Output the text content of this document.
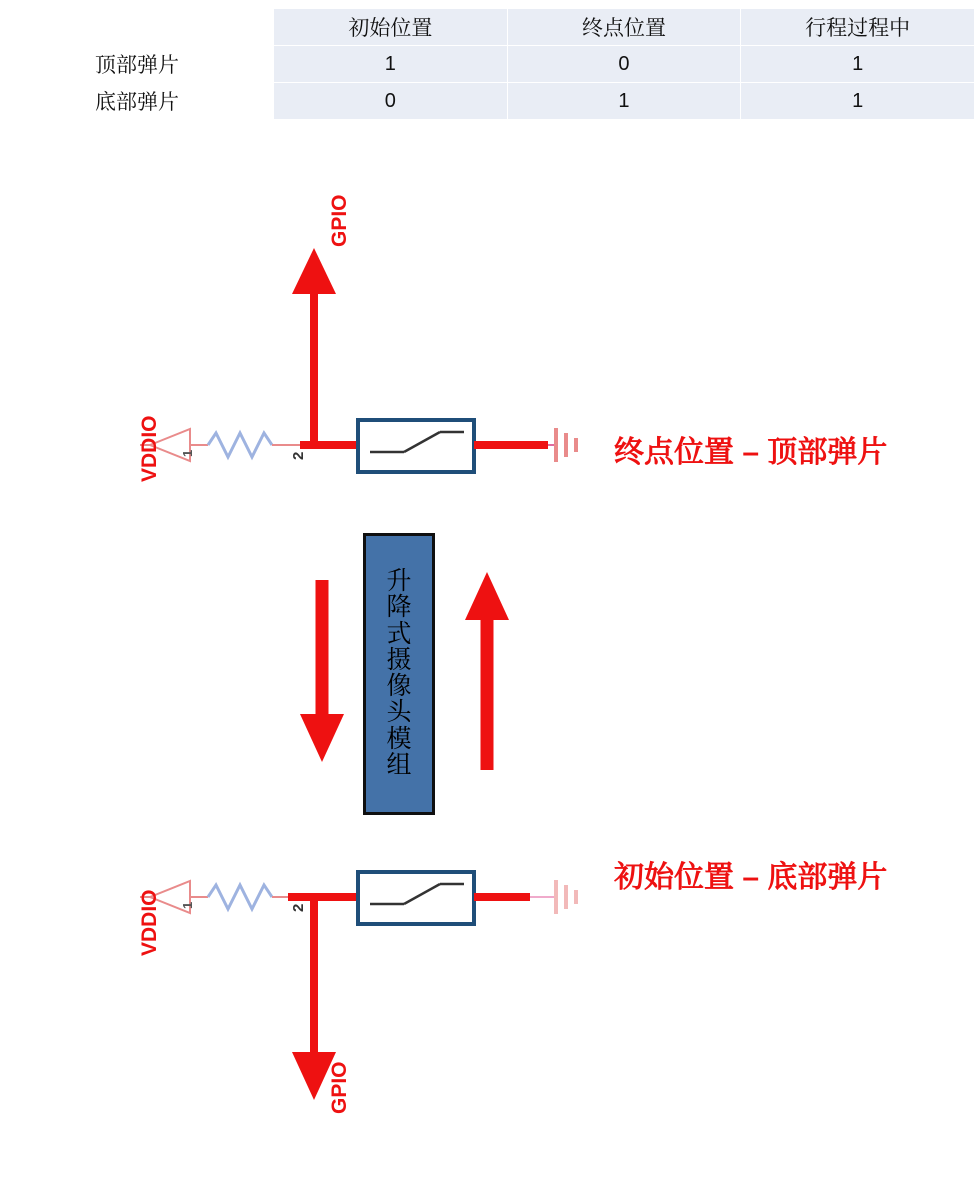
	初始位置	终点位置	行程过程中
顶部弹片	1	0	1
底部弹片	0	1	1
升降式摄像头模组
GPIO
VDDIO 1	2	终点位置 – 顶部弹片
VDDIO 1	2
GPIO
初始位置 – 底部弹片
